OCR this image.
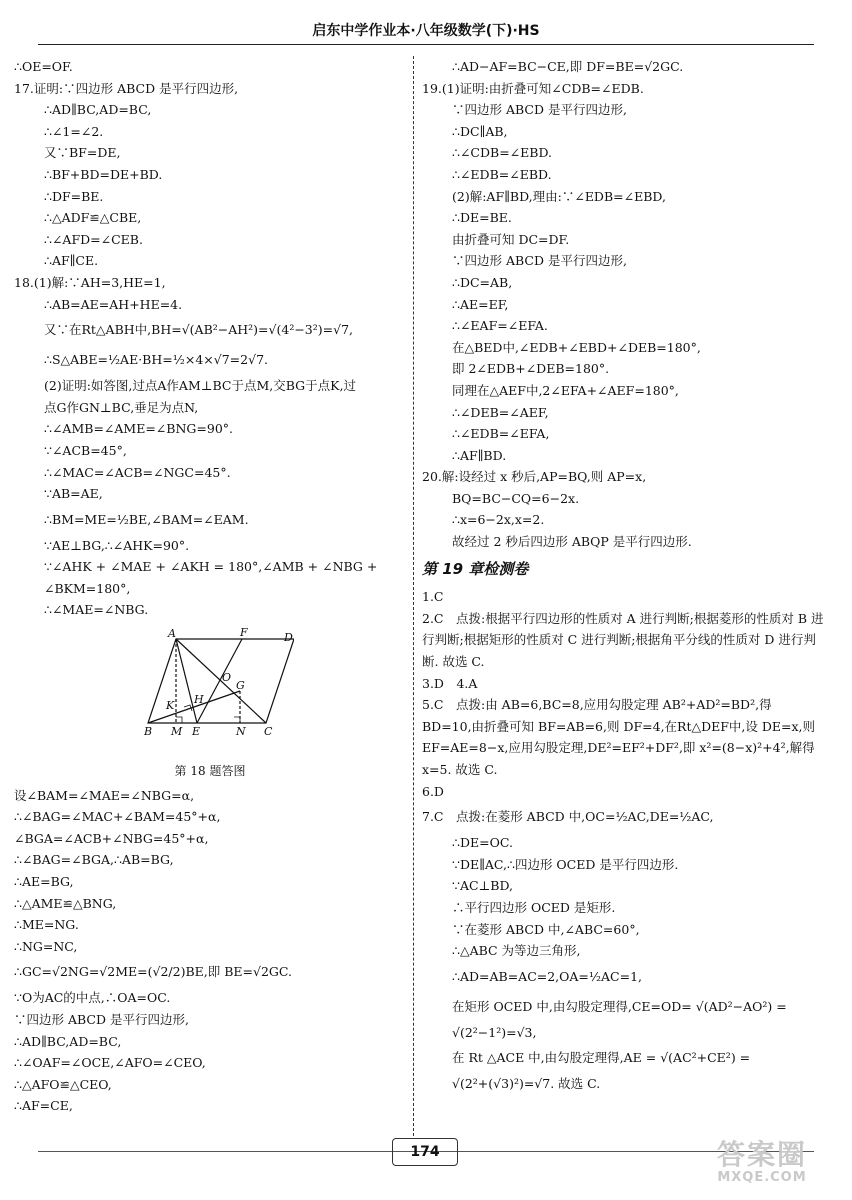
启东中学作业本·八年级数学(下)·HS
∴OE=OF.
17.证明:∵四边形 ABCD 是平行四边形,
∴AD∥BC,AD=BC,
∴∠1=∠2.
又∵BF=DE,
∴BF+BD=DE+BD.
∴DF=BE.
∴△ADF≌△CBE,
∴∠AFD=∠CEB.
∴AF∥CE.
18.(1)解:∵AH=3,HE=1,
∴AB=AE=AH+HE=4.
又∵在Rt△ABH中,BH=√(AB²−AH²)=√(4²−3²)=√7,
∴S△ABE=½AE·BH=½×4×√7=2√7.
(2)证明:如答图,过点A作AM⊥BC于点M,交BG于点K,过
点G作GN⊥BC,垂足为点N,
∴∠AMB=∠AME=∠BNG=90°.
∵∠ACB=45°,
∴∠MAC=∠ACB=∠NGC=45°.
∵AB=AE,
∴BM=ME=½BE,∠BAM=∠EAM.
∵AE⊥BG,∴∠AHK=90°.
∵∠AHK + ∠MAE + ∠AKH = 180°,∠AMB + ∠NBG +
∠BKM=180°,
∴∠MAE=∠NBG.
A	F	D
O
H
G
K
B M E	N C
第 18 题答图
设∠BAM=∠MAE=∠NBG=α,
∴∠BAG=∠MAC+∠BAM=45°+α,
∠BGA=∠ACB+∠NBG=45°+α,
∴∠BAG=∠BGA,∴AB=BG,
∴AE=BG,
∴△AME≌△BNG,
∴ME=NG.
∴NG=NC,
∴GC=√2NG=√2ME=(√2/2)BE,即 BE=√2GC.
∵O为AC的中点,∴OA=OC.
∵四边形 ABCD 是平行四边形,
∴AD∥BC,AD=BC,
∴∠OAF=∠OCE,∠AFO=∠CEO,
∴△AFO≌△CEO,
∴AF=CE,
∴AD−AF=BC−CE,即 DF=BE=√2GC.
19.(1)证明:由折叠可知∠CDB=∠EDB.
∵四边形 ABCD 是平行四边形,
∴DC∥AB,
∴∠CDB=∠EBD.
∴∠EDB=∠EBD.
(2)解:AF∥BD,理由:∵∠EDB=∠EBD,
∴DE=BE.
由折叠可知 DC=DF.
∵四边形 ABCD 是平行四边形,
∴DC=AB,
∴AE=EF,
∴∠EAF=∠EFA.
在△BED中,∠EDB+∠EBD+∠DEB=180°,
即 2∠EDB+∠DEB=180°.
同理在△AEF中,2∠EFA+∠AEF=180°,
∴∠DEB=∠AEF,
∴∠EDB=∠EFA,
∴AF∥BD.
20.解:设经过 x 秒后,AP=BQ,则 AP=x,
BQ=BC−CQ=6−2x.
∴x=6−2x,x=2.
故经过 2 秒后四边形 ABQP 是平行四边形.
第 19 章检测卷
1.C
2.C　点拨:根据平行四边形的性质对 A 进行判断;根据菱形的性质对 B 进行判断;根据矩形的性质对 C 进行判断;根据角平分线的性质对 D 进行判断. 故选 C.
3.D　4.A
5.C　点拨:由 AB=6,BC=8,应用勾股定理 AB²+AD²=BD²,得 BD=10,由折叠可知 BF=AB=6,则 DF=4,在Rt△DEF中,设 DE=x,则 EF=AE=8−x,应用勾股定理,DE²=EF²+DF²,即 x²=(8−x)²+4²,解得 x=5. 故选 C.
6.D
7.C　点拨:在菱形 ABCD 中,OC=½AC,DE=½AC,
∴DE=OC.
∵DE∥AC,∴四边形 OCED 是平行四边形.
∵AC⊥BD,
∴平行四边形 OCED 是矩形.
∵在菱形 ABCD 中,∠ABC=60°,
∴△ABC 为等边三角形,
∴AD=AB=AC=2,OA=½AC=1,
在矩形 OCED 中,由勾股定理得,CE=OD= √(AD²−AO²) =
√(2²−1²)=√3,
在 Rt △ACE 中,由勾股定理得,AE = √(AC²+CE²) =
√(2²+(√3)²)=√7. 故选 C.
174	答案圈
MXQE.COM
